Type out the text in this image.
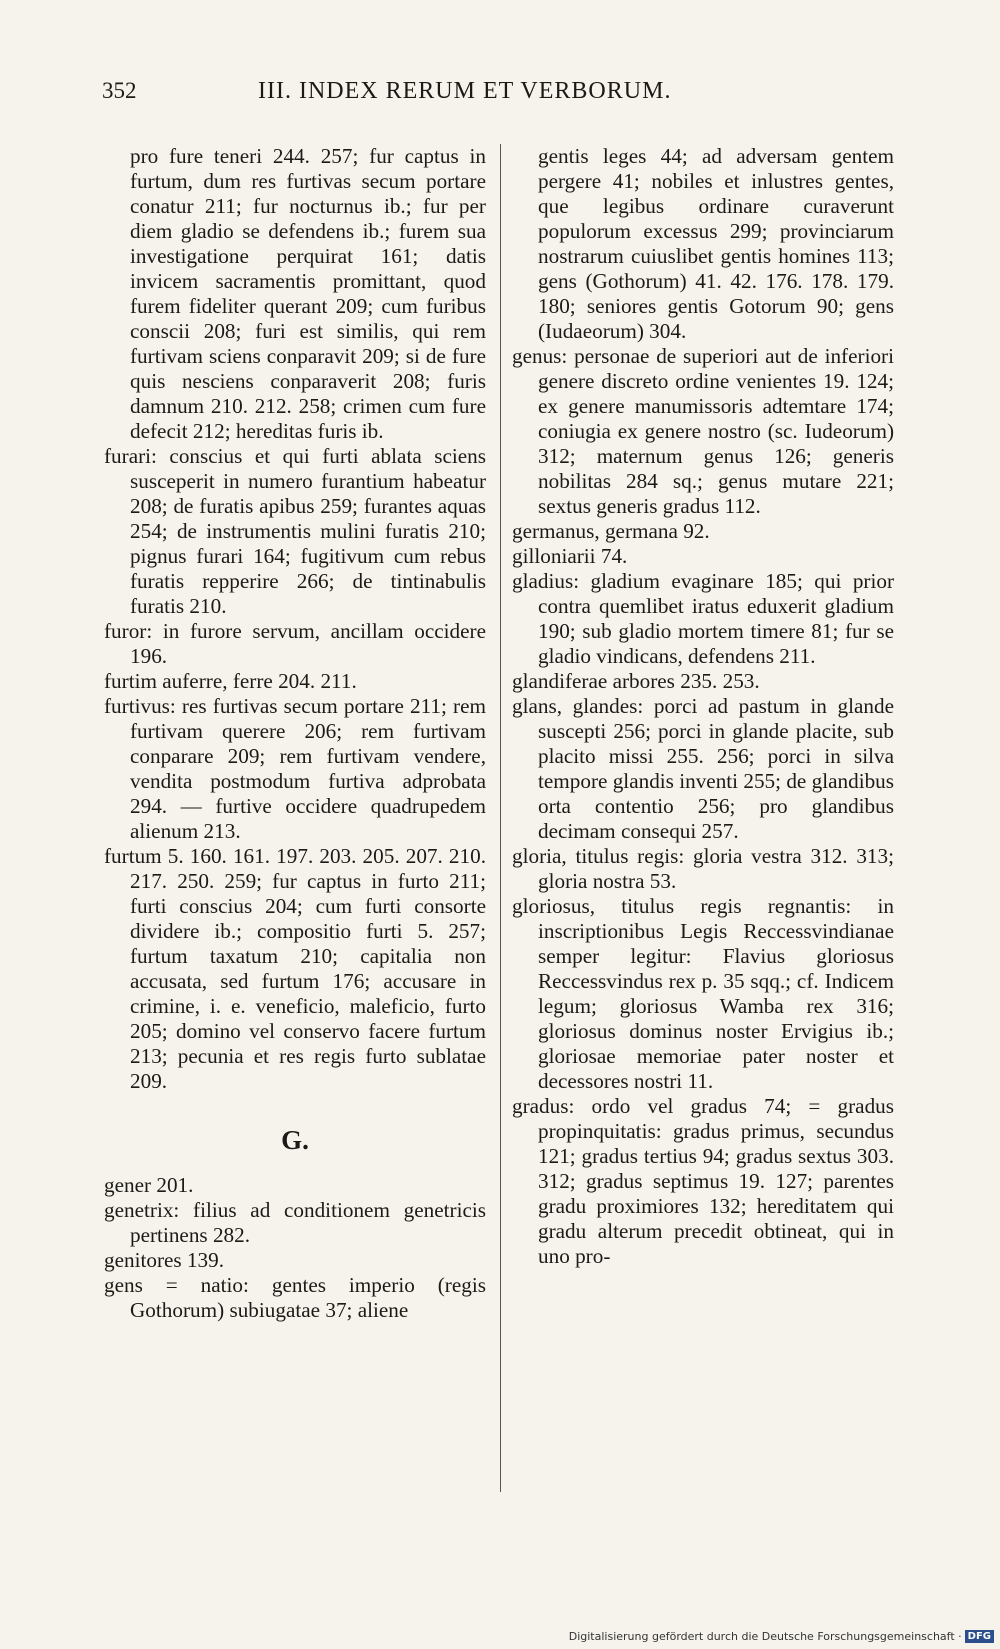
352	III. INDEX RERUM ET VERBORUM.

pro fure teneri 244. 257; fur captus in furtum, dum res furtivas secum portare conatur 211; fur nocturnus ib.; fur per diem gladio se defendens ib.; furem sua investigatione perquirat 161; datis invicem sacramentis promittant, quod furem fideliter querant 209; cum furibus conscii 208; furi est similis, qui rem furtivam sciens conparavit 209; si de fure quis nesciens conparaverit 208; furis damnum 210. 212. 258; crimen cum fure defecit 212; hereditas furis ib.

furari: conscius et qui furti ablata sciens susceperit in numero furantium habeatur 208; de furatis apibus 259; furantes aquas 254; de instrumentis mulini furatis 210; pignus furari 164; fugitivum cum rebus furatis repperire 266; de tintinabulis furatis 210.

furor: in furore servum, ancillam occidere 196.

furtim auferre, ferre 204. 211.

furtivus: res furtivas secum portare 211; rem furtivam querere 206; rem furtivam conparare 209; rem furtivam vendere, vendita postmodum furtiva adprobata 294. — furtive occidere quadrupedem alienum 213.

furtum 5. 160. 161. 197. 203. 205. 207. 210. 217. 250. 259; fur captus in furto 211; furti conscius 204; cum furti consorte dividere ib.; compositio furti 5. 257; furtum taxatum 210; capitalia non accusata, sed furtum 176; accusare in crimine, i. e. veneficio, maleficio, furto 205; domino vel conservo facere furtum 213; pecunia et res regis furto sublatae 209.

G.

gener 201.

genetrix: filius ad conditionem genetricis pertinens 282.

genitores 139.

gens = natio: gentes imperio (regis Gothorum) subiugatae 37; aliene

gentis leges 44; ad adversam gentem pergere 41; nobiles et inlustres gentes, que legibus ordinare curaverunt populorum excessus 299; provinciarum nostrarum cuiuslibet gentis homines 113; gens (Gothorum) 41. 42. 176. 178. 179. 180; seniores gentis Gotorum 90; gens (Iudaeorum) 304.

genus: personae de superiori aut de inferiori genere discreto ordine venientes 19. 124; ex genere manumissoris adtemtare 174; coniugia ex genere nostro (sc. Iudeorum) 312; maternum genus 126; generis nobilitas 284 sq.; genus mutare 221; sextus generis gradus 112.

germanus, germana 92.

gilloniarii 74.

gladius: gladium evaginare 185; qui prior contra quemlibet iratus eduxerit gladium 190; sub gladio mortem timere 81; fur se gladio vindicans, defendens 211.

glandiferae arbores 235. 253.

glans, glandes: porci ad pastum in glande suscepti 256; porci in glande placite, sub placito missi 255. 256; porci in silva tempore glandis inventi 255; de glandibus orta contentio 256; pro glandibus decimam consequi 257.

gloria, titulus regis: gloria vestra 312. 313; gloria nostra 53.

gloriosus, titulus regis regnantis: in inscriptionibus Legis Reccessvindianae semper legitur: Flavius gloriosus Reccessvindus rex p. 35 sqq.; cf. Indicem legum; gloriosus Wamba rex 316; gloriosus dominus noster Ervigius ib.; gloriosae memoriae pater noster et decessores nostri 11.

gradus: ordo vel gradus 74; = gradus propinquitatis: gradus primus, secundus 121; gradus tertius 94; gradus sextus 303. 312; gradus septimus 19. 127; parentes gradu proximiores 132; hereditatem qui gradu alterum precedit obtineat, qui in uno pro-

Digitalisierung gefördert durch die Deutsche Forschungsgemeinschaft · DFG
